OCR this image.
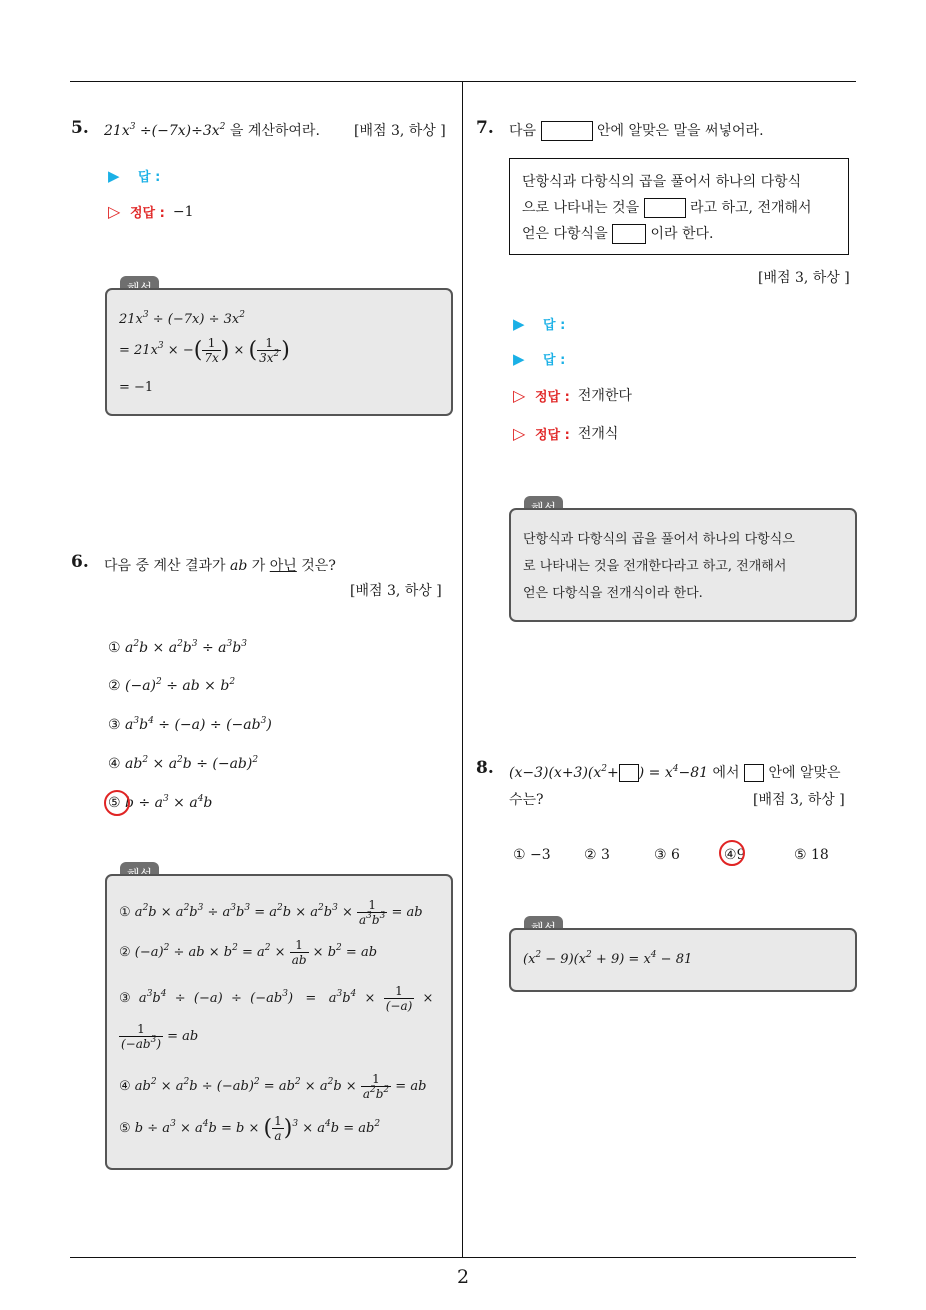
2
5. $21x^3 \div(-7x)\div 3x^2$ 을 계산하여라. [배점 3, 하상 ]
▶	답 :
▷ 정답 : −1
$21x^3 \div (-7x) \div 3x^2$
= $21x^3$ × −( $\frac{1}{7x}$ ) × ( $\frac{1}{3x^2}$ )
= −1
6. 다음 중 계산 결과가 ab 가 아닌 것은?
[배점 3, 하상 ]
① $a^2b \times a^2b^3 \div a^3b^3$
② $(-a)^2$ ÷ ab × $b^2$
③ $a^3b^4 \div (-a) \div (-ab^3)$
④ $ab^2 \times a^2b \div (-ab)^2$
⑤ $b \div a^3 \times a^4b$
① $a^2b \times a^2b^3 \div a^3b^3 = a^2b \times a^2b^3 \times \frac{1}{a^3b^3}$ = ab
② $(-a)^2$ ÷ ab × $b^2 = a^2 \times \frac{1}{ab} \times b^2$ = ab
③ $a^3b^4 \div (-a) \div (-ab^3) = a^3b^4 \times \frac{1}{(-a)}$ ×
$\frac{1}{(-ab^3)}$ = ab
④ $ab^2 \times a^2b \div (-ab)^2 = ab^2 \times a^2b \times \frac{1}{a^2b^2}$ = ab
⑤ $b \div a^3 \times a^4b = b$ × ( $\frac{1}{a} )^3 \times a^4b = ab^2$
7. 다음	안에 알맞은 말을 써넣어라.
단항식과 다항식의 곱을 풀어서 하나의 다항식
으로 나타내는 것을	라고 하고, 전개해서
얻은 다항식을	이라 한다.
[배점 3, 하상 ]
▶	답 :
▶	답 :
▷ 정답 : 전개한다
▷ 정답 : 전개식
단항식과 다항식의 곱을 풀어서 하나의 다항식으
로 나타내는 것을 전개한다라고 하고, 전개해서
얻은 다항식을 전개식이라 한다.
8. $(x-3)(x+3)(x^2+$ ) = $x^4-81$ 에서 안에 알맞은
수는?	[배점 3, 하상 ]
① −3 ② 3	③ 6	④9	⑤ 18
$(x^2 - 9)(x^2 + 9) = x^4 - 81$
